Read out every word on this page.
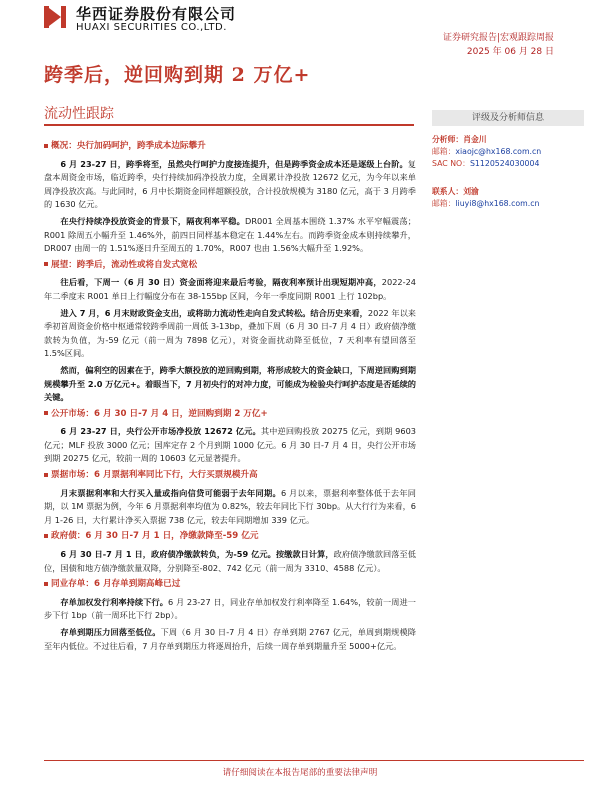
华西证券股份有限公司
HUAXI SECURITIES CO.,LTD.
证券研究报告|宏观跟踪周报
2025 年 06 月 28 日
跨季后，逆回购到期 2 万亿+
流动性跟踪
概况：央行加码呵护，跨季成本边际攀升

6 月 23-27 日，跨季将至，虽然央行呵护力度接连提升，但是跨季资金成本还是逐级上台阶。复盘本周资金市场，临近跨季，央行持续加码净投放力度，全周累计净投放 12672 亿元，为今年以来单周净投放次高。与此同时，6 月中长期资金同样超额投放，合计投放规模为 3180 亿元，高于 3 月跨季的 1630 亿元。

在央行持续净投放资金的背景下，隔夜利率平稳。DR001 全周基本围绕 1.37% 水平窄幅震荡；R001 除周五小幅升至 1.46%外，前四日同样基本稳定在 1.44%左右。而跨季资金成本则持续攀升，DR007 由周一的 1.51%逐日升至周五的 1.70%，R007 也由 1.56%大幅升至 1.92%。

展望：跨季后，流动性或将自发式宽松

往后看，下周一（6 月 30 日）资金面将迎来最后考验，隔夜利率预计出现短期冲高，2022-24 年二季度末 R001 单日上行幅度分布在 38-155bp 区间，今年一季度同期 R001 上行 102bp。

进入 7 月，6 月末财政资金支出，或将助力流动性走向自发式转松。结合历史来看，2022 年以来季初首周资金价格中枢通常较跨季周前一周低 3-13bp，叠加下周（6 月 30 日-7 月 4 日）政府债净缴款转为负值，为-59 亿元（前一周为 7898 亿元），对资金面扰动降至低位，7 天利率有望回落至 1.5%区间。

然而，偏利空的因素在于，跨季大额投放的逆回购到期，将形成较大的资金缺口，下周逆回购到期规模攀升至 2.0 万亿元+。着眼当下，7 月初央行的对冲力度，可能成为检验央行呵护态度是否延续的关键。

公开市场：6 月 30 日-7 月 4 日，逆回购到期 2 万亿+

6 月 23-27 日，央行公开市场净投放 12672 亿元。其中逆回购投放 20275 亿元，到期 9603 亿元；MLF 投放 3000 亿元；国库定存 2 个月到期 1000 亿元。6 月 30 日-7 月 4 日，央行公开市场到期 20275 亿元，较前一周的 10603 亿元显著提升。

票据市场：6 月票据利率同比下行，大行买票规模升高

月末票据利率和大行买入量或指向信贷可能弱于去年同期。6 月以来，票据利率整体低于去年同期，以 1M 票据为例，今年 6 月票据利率均值为 0.82%，较去年同比下行 30bp。从大行行为来看，6 月 1-26 日，大行累计净买入票据 738 亿元，较去年同期增加 339 亿元。

政府债：6 月 30 日-7 月 1 日，净缴款降至-59 亿元

6 月 30 日-7 月 1 日，政府债净缴款转负，为-59 亿元。按缴款日计算，政府债净缴款回落至低位，国债和地方债净缴款量双降，分别降至-802、742 亿元（前一周为 3310、4588 亿元）。

同业存单：6 月存单到期高峰已过

存单加权发行利率持续下行。6 月 23-27 日，同业存单加权发行利率降至 1.64%，较前一周进一步下行 1bp（前一周环比下行 2bp）。

存单到期压力回落至低位。下周（6 月 30 日-7 月 4 日）存单到期 2767 亿元，单周到期规模降至年内低位。不过往后看，7 月存单到期压力将逐周抬升，后续一周存单到期量升至 5000+亿元。

评级及分析师信息
分析师：肖金川
邮箱：xiaojc@hx168.com.cn
SAC NO：S1120524030004
联系人：刘渝
邮箱：liuyi8@hx168.com.cn
请仔细阅读在本报告尾部的重要法律声明
